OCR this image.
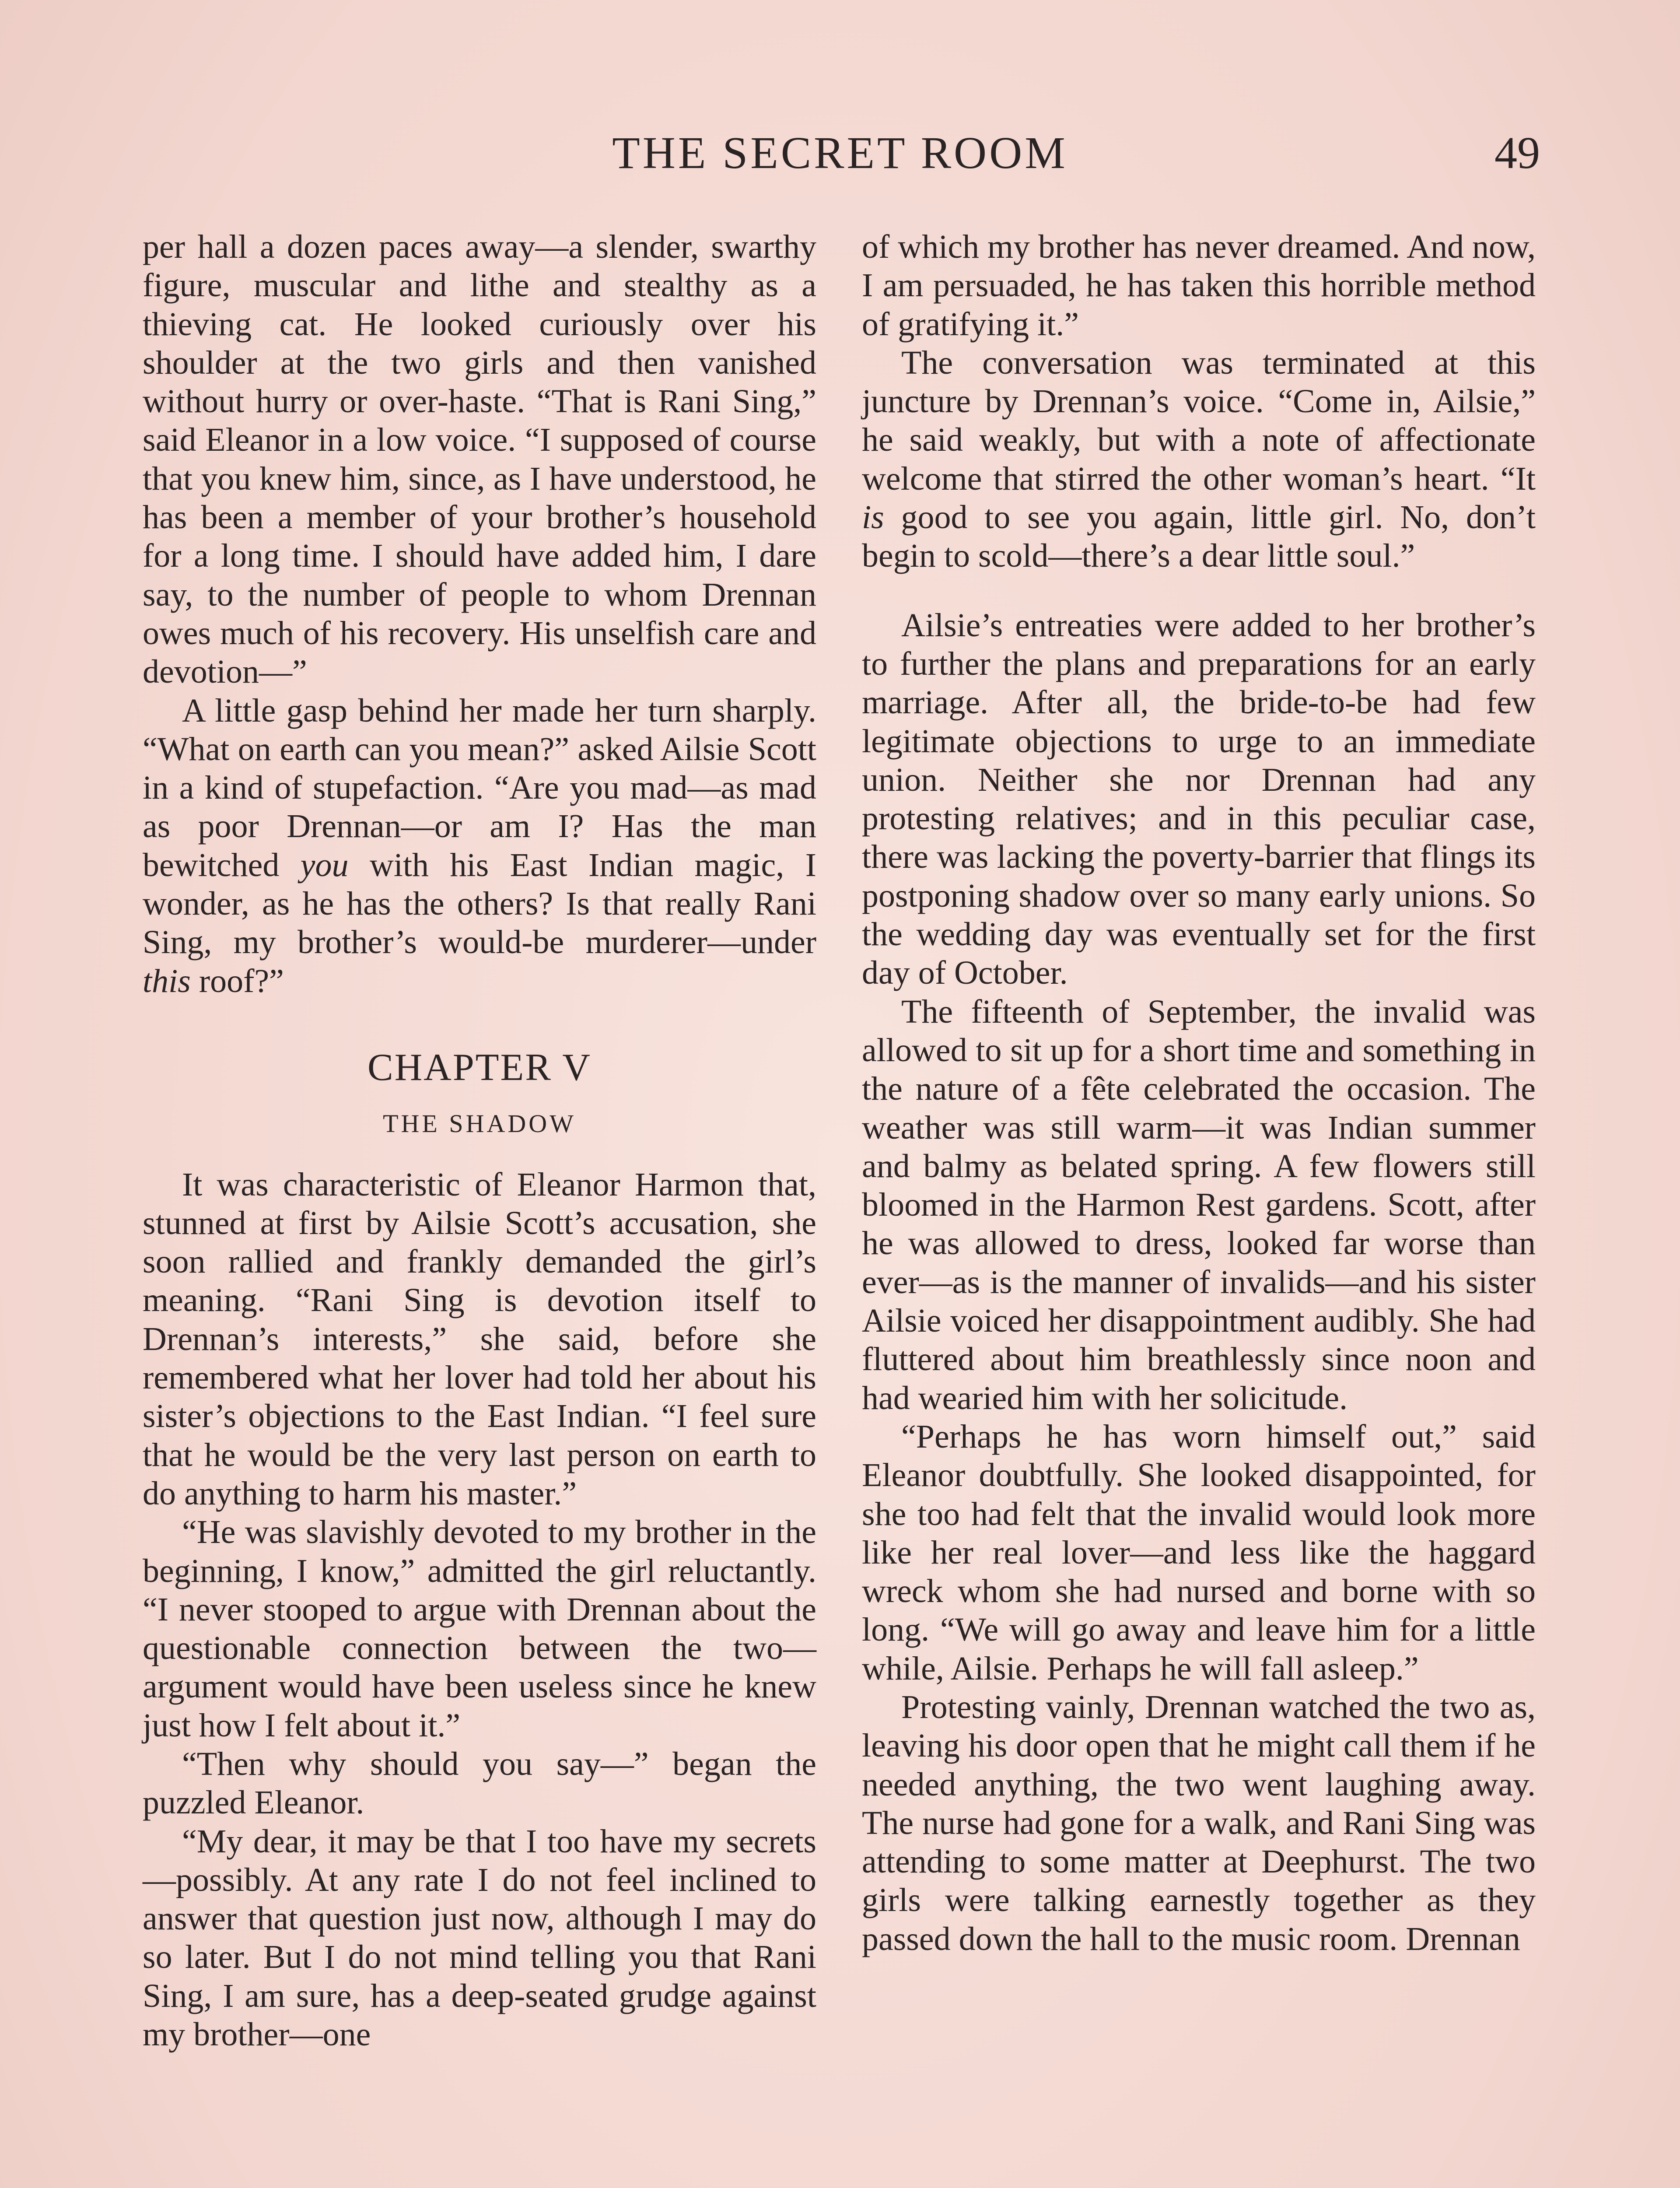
THE SECRET ROOM	49

per hall a dozen paces away—a slender, swarthy figure, muscular and lithe and stealthy as a thieving cat. He looked curiously over his shoulder at the two girls and then vanished without hurry or over-haste. “That is Rani Sing,” said Eleanor in a low voice. “I supposed of course that you knew him, since, as I have understood, he has been a member of your brother’s household for a long time. I should have added him, I dare say, to the number of people to whom Drennan owes much of his recovery. His unselfish care and devotion—”

A little gasp behind her made her turn sharply. “What on earth can you mean?” asked Ailsie Scott in a kind of stupefaction. “Are you mad—as mad as poor Drennan—or am I? Has the man bewitched you with his East Indian magic, I wonder, as he has the others? Is that really Rani Sing, my brother’s would-be murderer—under this roof?”

CHAPTER V
THE SHADOW

It was characteristic of Eleanor Harmon that, stunned at first by Ailsie Scott’s accusation, she soon rallied and frankly demanded the girl’s meaning. “Rani Sing is devotion itself to Drennan’s interests,” she said, before she remembered what her lover had told her about his sister’s objections to the East Indian. “I feel sure that he would be the very last person on earth to do anything to harm his master.”

“He was slavishly devoted to my brother in the beginning, I know,” admitted the girl reluctantly. “I never stooped to argue with Drennan about the questionable connection between the two—argument would have been useless since he knew just how I felt about it.”

“Then why should you say—” began the puzzled Eleanor.

“My dear, it may be that I too have my secrets—possibly. At any rate I do not feel inclined to answer that question just now, although I may do so later. But I do not mind telling you that Rani Sing, I am sure, has a deep-seated grudge against my brother—one

of which my brother has never dreamed. And now, I am persuaded, he has taken this horrible method of gratifying it.”

The conversation was terminated at this juncture by Drennan’s voice. “Come in, Ailsie,” he said weakly, but with a note of affectionate welcome that stirred the other woman’s heart. “It is good to see you again, little girl. No, don’t begin to scold—there’s a dear little soul.”

Ailsie’s entreaties were added to her brother’s to further the plans and preparations for an early marriage. After all, the bride-to-be had few legitimate objections to urge to an immediate union. Neither she nor Drennan had any protesting relatives; and in this peculiar case, there was lacking the poverty-barrier that flings its postponing shadow over so many early unions. So the wedding day was eventually set for the first day of October.

The fifteenth of September, the invalid was allowed to sit up for a short time and something in the nature of a fête celebrated the occasion. The weather was still warm—it was Indian summer and balmy as belated spring. A few flowers still bloomed in the Harmon Rest gardens. Scott, after he was allowed to dress, looked far worse than ever—as is the manner of invalids—and his sister Ailsie voiced her disappointment audibly. She had fluttered about him breathlessly since noon and had wearied him with her solicitude.

“Perhaps he has worn himself out,” said Eleanor doubtfully. She looked disappointed, for she too had felt that the invalid would look more like her real lover—and less like the haggard wreck whom she had nursed and borne with so long. “We will go away and leave him for a little while, Ailsie. Perhaps he will fall asleep.”

Protesting vainly, Drennan watched the two as, leaving his door open that he might call them if he needed anything, the two went laughing away. The nurse had gone for a walk, and Rani Sing was attending to some matter at Deephurst. The two girls were talking earnestly together as they passed down the hall to the music room. Drennan
